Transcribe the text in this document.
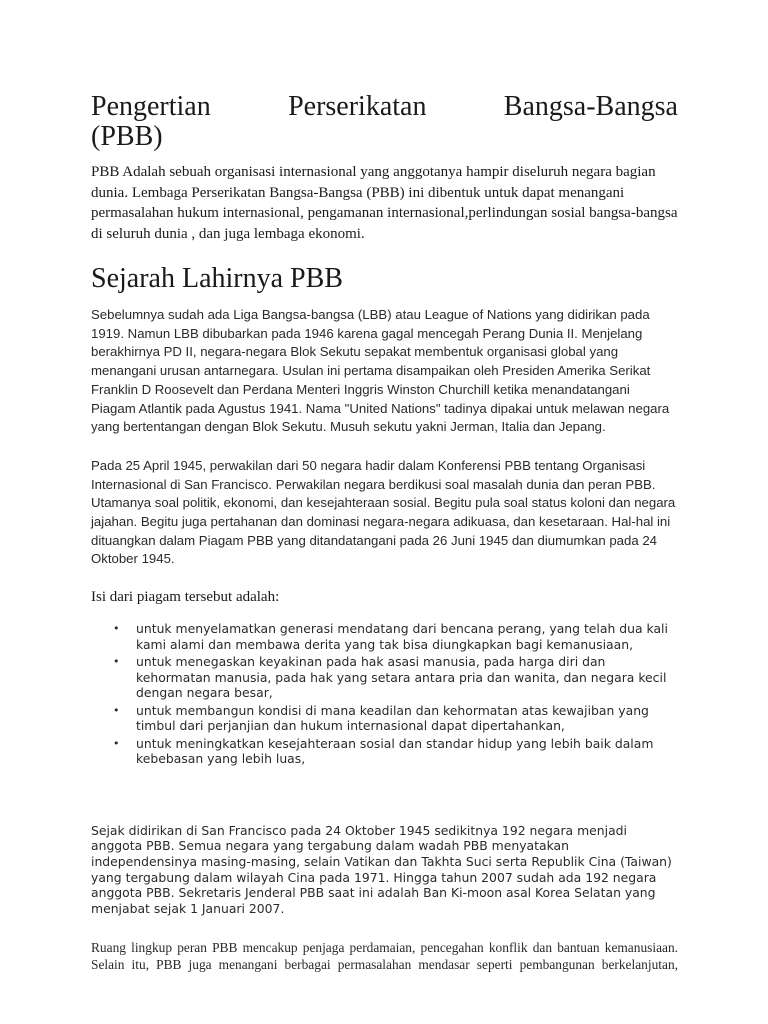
Pengertian	Perserikatan	Bangsa-Bangsa
(PBB)

PBB Adalah sebuah organisasi internasional yang anggotanya hampir diseluruh negara bagian dunia. Lembaga Perserikatan Bangsa-Bangsa (PBB) ini dibentuk untuk dapat menangani permasalahan hukum internasional, pengamanan internasional,perlindungan sosial bangsa-bangsa di seluruh dunia , dan juga lembaga ekonomi.

Sejarah Lahirnya PBB

Sebelumnya sudah ada Liga Bangsa-bangsa (LBB) atau League of Nations yang didirikan pada 1919. Namun LBB dibubarkan pada 1946 karena gagal mencegah Perang Dunia II. Menjelang berakhirnya PD II, negara-negara Blok Sekutu sepakat membentuk organisasi global yang menangani urusan antarnegara. Usulan ini pertama disampaikan oleh Presiden Amerika Serikat Franklin D Roosevelt dan Perdana Menteri Inggris Winston Churchill ketika menandatangani Piagam Atlantik pada Agustus 1941. Nama "United Nations" tadinya dipakai untuk melawan negara yang bertentangan dengan Blok Sekutu. Musuh sekutu yakni Jerman, Italia dan Jepang.

Pada 25 April 1945, perwakilan dari 50 negara hadir dalam Konferensi PBB tentang Organisasi Internasional di San Francisco. Perwakilan negara berdikusi soal masalah dunia dan peran PBB. Utamanya soal politik, ekonomi, dan kesejahteraan sosial. Begitu pula soal status koloni dan negara jajahan. Begitu juga pertahanan dan dominasi negara-negara adikuasa, dan kesetaraan. Hal-hal ini dituangkan dalam Piagam PBB yang ditandatangani pada 26 Juni 1945 dan diumumkan pada 24 Oktober 1945.

Isi dari piagam tersebut adalah:

• untuk menyelamatkan generasi mendatang dari bencana perang, yang telah dua kali kami alami dan membawa derita yang tak bisa diungkapkan bagi kemanusiaan,
• untuk menegaskan keyakinan pada hak asasi manusia, pada harga diri dan kehormatan manusia, pada hak yang setara antara pria dan wanita, dan negara kecil dengan negara besar,
• untuk membangun kondisi di mana keadilan dan kehormatan atas kewajiban yang timbul dari perjanjian dan hukum internasional dapat dipertahankan,
• untuk meningkatkan kesejahteraan sosial dan standar hidup yang lebih baik dalam kebebasan yang lebih luas,

Sejak didirikan di San Francisco pada 24 Oktober 1945 sedikitnya 192 negara menjadi anggota PBB. Semua negara yang tergabung dalam wadah PBB menyatakan independensinya masing-masing, selain Vatikan dan Takhta Suci serta Republik Cina (Taiwan) yang tergabung dalam wilayah Cina pada 1971. Hingga tahun 2007 sudah ada 192 negara anggota PBB. Sekretaris Jenderal PBB saat ini adalah Ban Ki-moon asal Korea Selatan yang menjabat sejak 1 Januari 2007.

Ruang lingkup peran PBB mencakup penjaga perdamaian, pencegahan konflik dan bantuan kemanusiaan. Selain itu, PBB juga menangani berbagai permasalahan mendasar seperti pembangunan berkelanjutan,
